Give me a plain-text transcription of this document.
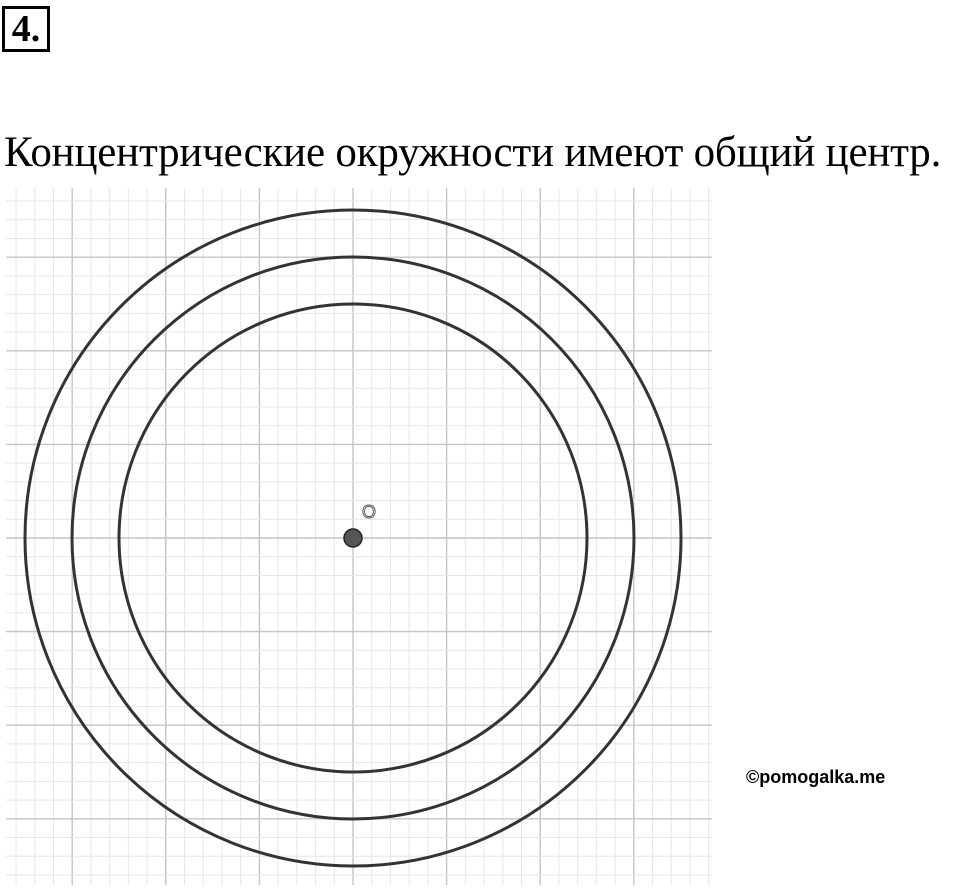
4.
Концентрические окружности имеют общий центр.
O
©pomogalka.me
